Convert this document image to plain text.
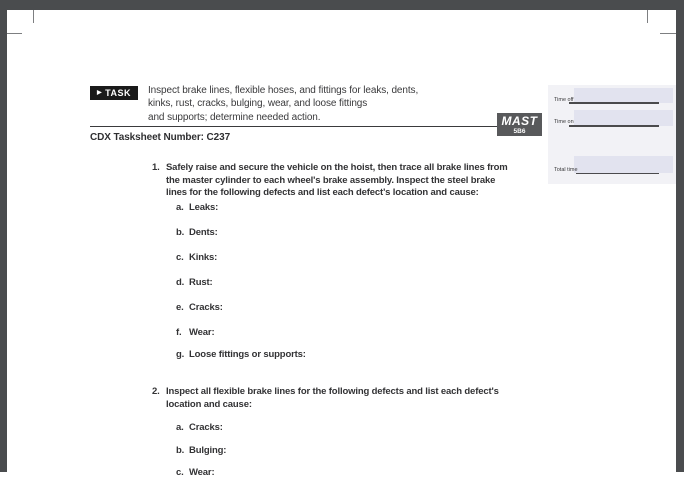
▶ TASK Inspect brake lines, flexible hoses, and fittings for leaks, dents,
kinks, rust, cracks, bulging, wear, and loose fittings
and supports; determine needed action.	MAST
5B6
CDX Tasksheet Number: C237
1. Safely raise and secure the vehicle on the hoist, then trace all brake lines from
the master cylinder to each wheel's brake assembly. Inspect the steel brake
lines for the following defects and list each defect's location and cause:
a. Leaks:
b. Dents:
c. Kinks:
d. Rust:
e. Cracks:
f. Wear:
g. Loose fittings or supports:
2. Inspect all flexible brake lines for the following defects and list each defect's
location and cause:
a. Cracks:
b. Bulging:
c. Wear:
Time off
Time on
Total time
